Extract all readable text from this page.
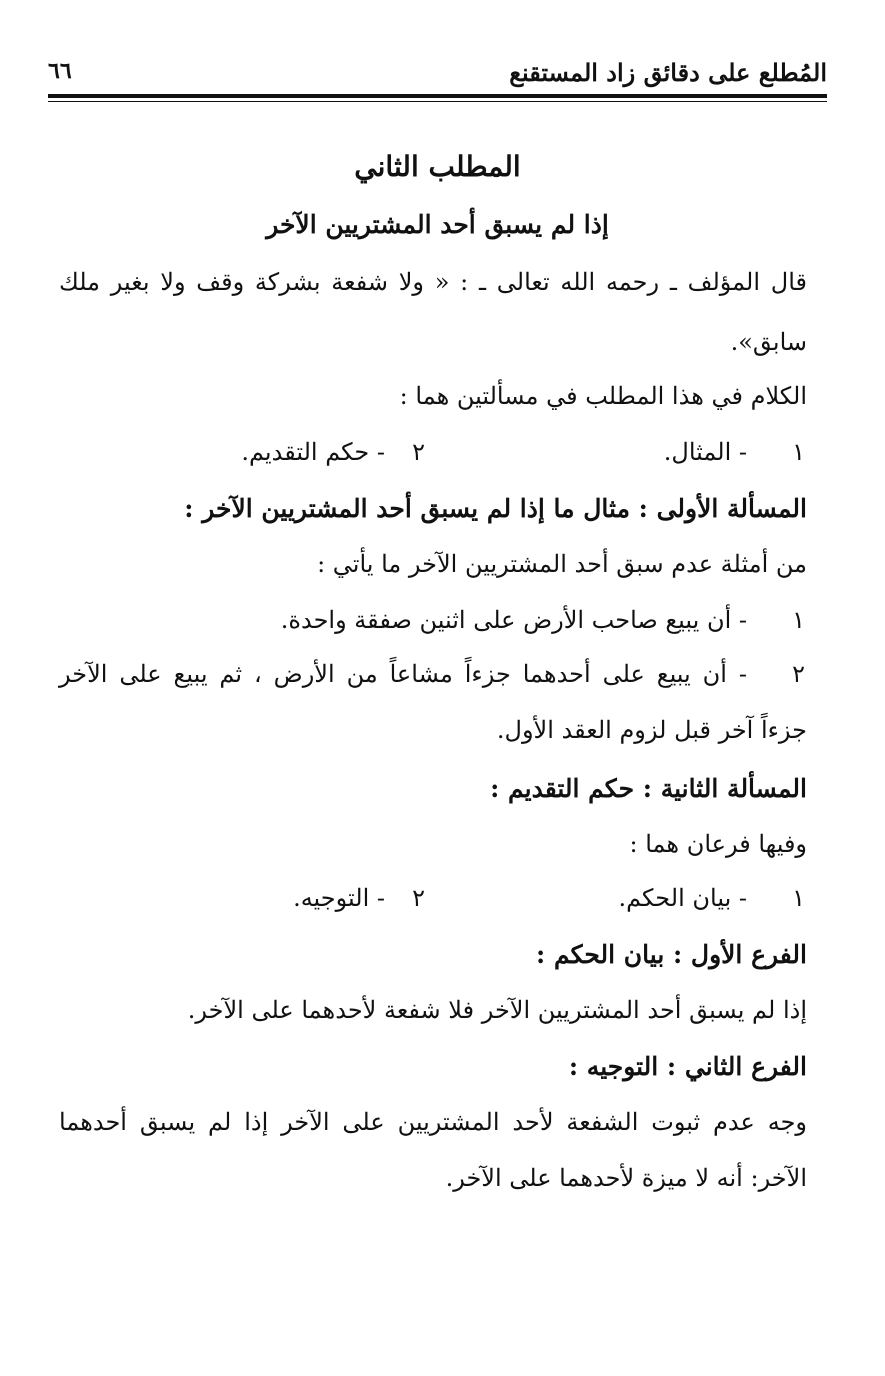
المُطلع على دقائق زاد المستقنع
٦٦
المطلب الثاني
إذا لم يسبق أحد المشتريين الآخر
قال المؤلف ـ رحمه الله تعالى ـ : « ولا شفعة بشركة وقف ولا بغير ملك
سابق».
الكلام في هذا المطلب في مسألتين هما :
١
- المثال.
٢
- حكم التقديم.
المسألة الأولى : مثال ما إذا لم يسبق أحد المشتريين الآخر :
من أمثلة عدم سبق أحد المشتريين الآخر ما يأتي :
١
- أن يبيع صاحب الأرض على اثنين صفقة واحدة.
٢
- أن يبيع على أحدهما جزءاً مشاعاً من الأرض ، ثم يبيع على الآخر
جزءاً آخر قبل لزوم العقد الأول.
المسألة الثانية : حكم التقديم :
وفيها فرعان هما :
١
- بيان الحكم.
٢
- التوجيه.
الفرع الأول : بيان الحكم :
إذا لم يسبق أحد المشتريين الآخر فلا شفعة لأحدهما على الآخر.
الفرع الثاني : التوجيه :
وجه عدم ثبوت الشفعة لأحد المشتريين على الآخر إذا لم يسبق أحدهما
الآخر: أنه لا ميزة لأحدهما على الآخر.
